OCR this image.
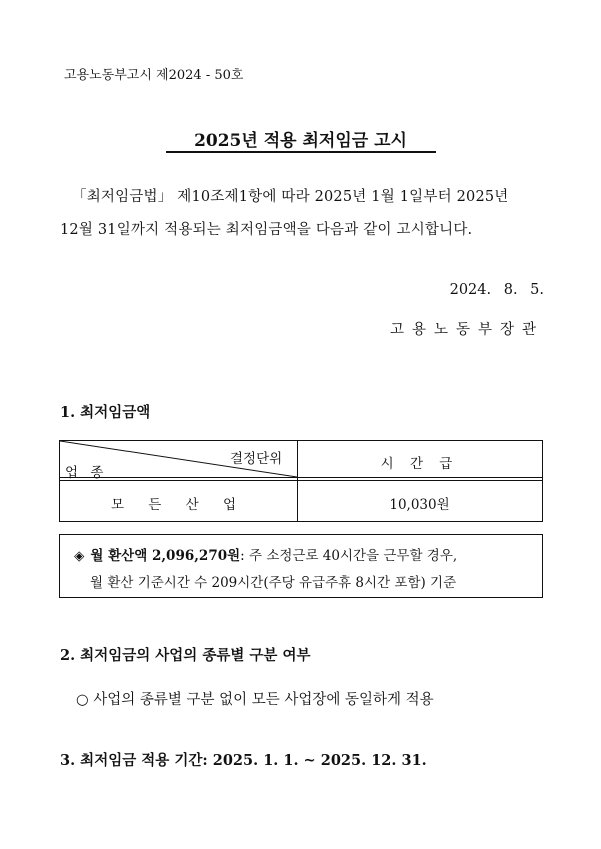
고용노동부고시 제2024 - 50호
2025년 적용 최저임금 고시
「최저임금법」 제10조제1항에 따라 2025년 1월 1일부터 2025년
12월 31일까지 적용되는 최저임금액을 다음과 같이 고시합니다.
2024. 8. 5.
고용노동부장관
1. 최저임금액
결정단위
업 종
시 간 급
모 든 산 업	10,030원
◈ 월 환산액 2,096,270원: 주 소정근로 40시간을 근무할 경우,
월 환산 기준시간 수 209시간(주당 유급주휴 8시간 포함) 기준
2. 최저임금의 사업의 종류별 구분 여부
○ 사업의 종류별 구분 없이 모든 사업장에 동일하게 적용
3. 최저임금 적용 기간: 2025. 1. 1. ~ 2025. 12. 31.
